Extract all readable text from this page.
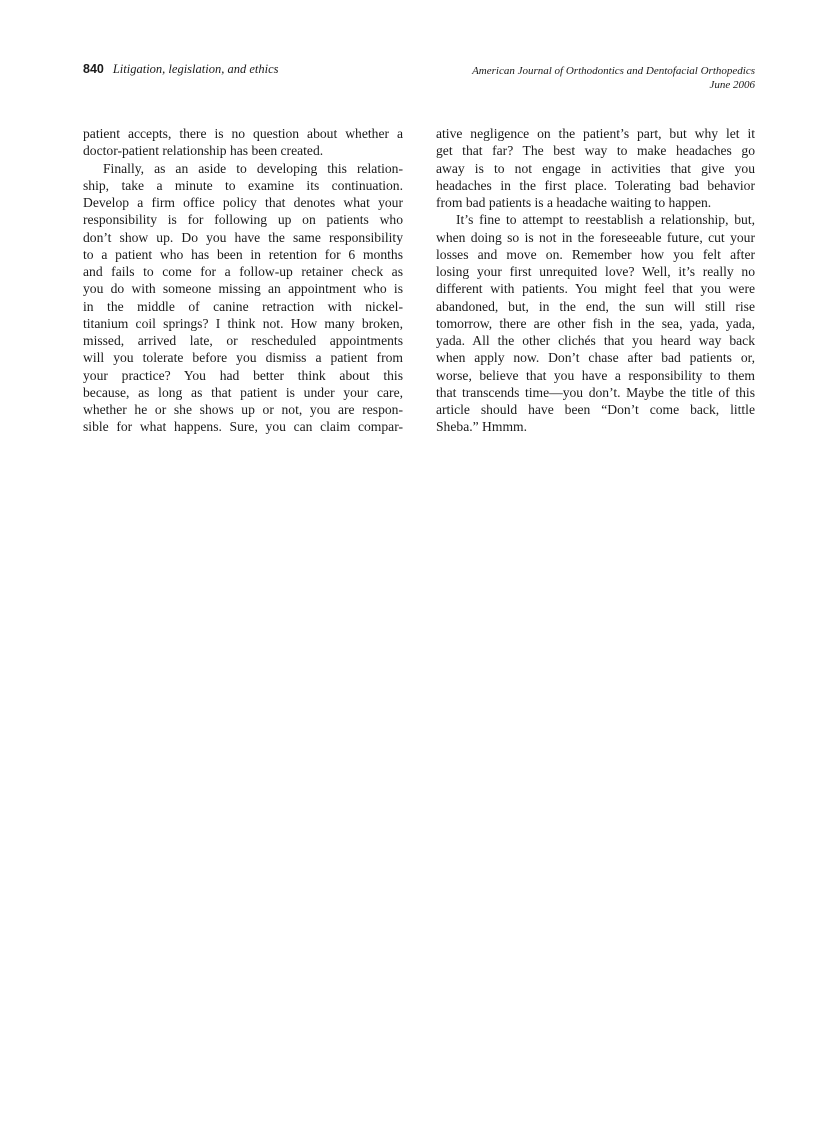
840 Litigation, legislation, and ethics	American Journal of Orthodontics and Dentofacial Orthopedics
June 2006
patient accepts, there is no question about whether a
doctor-patient relationship has been created.
Finally, as an aside to developing this relation-
ship, take a minute to examine its continuation.
Develop a firm office policy that denotes what your
responsibility is for following up on patients who
don’t show up. Do you have the same responsibility
to a patient who has been in retention for 6 months
and fails to come for a follow-up retainer check as
you do with someone missing an appointment who is
in the middle of canine retraction with nickel-
titanium coil springs? I think not. How many broken,
missed, arrived late, or rescheduled appointments
will you tolerate before you dismiss a patient from
your practice? You had better think about this
because, as long as that patient is under your care,
whether he or she shows up or not, you are respon-
sible for what happens. Sure, you can claim compar-
ative negligence on the patient’s part, but why let it
get that far? The best way to make headaches go
away is to not engage in activities that give you
headaches in the first place. Tolerating bad behavior
from bad patients is a headache waiting to happen.
It’s fine to attempt to reestablish a relationship, but,
when doing so is not in the foreseeable future, cut your
losses and move on. Remember how you felt after
losing your first unrequited love? Well, it’s really no
different with patients. You might feel that you were
abandoned, but, in the end, the sun will still rise
tomorrow, there are other fish in the sea, yada, yada,
yada. All the other clichés that you heard way back
when apply now. Don’t chase after bad patients or,
worse, believe that you have a responsibility to them
that transcends time—you don’t. Maybe the title of this
article should have been “Don’t come back, little
Sheba.” Hmmm.
